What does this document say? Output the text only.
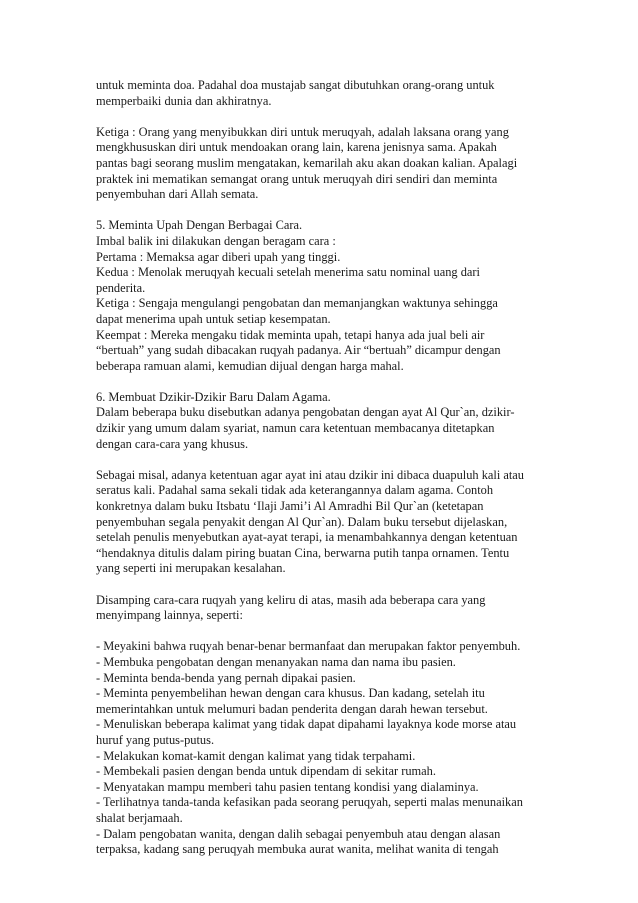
untuk meminta doa. Padahal doa mustajab sangat dibutuhkan orang-orang untuk
memperbaiki dunia dan akhiratnya.

Ketiga : Orang yang menyibukkan diri untuk meruqyah, adalah laksana orang yang
mengkhususkan diri untuk mendoakan orang lain, karena jenisnya sama. Apakah
pantas bagi seorang muslim mengatakan, kemarilah aku akan doakan kalian. Apalagi
praktek ini mematikan semangat orang untuk meruqyah diri sendiri dan meminta
penyembuhan dari Allah semata.

5. Meminta Upah Dengan Berbagai Cara.
Imbal balik ini dilakukan dengan beragam cara :
Pertama : Memaksa agar diberi upah yang tinggi.
Kedua : Menolak meruqyah kecuali setelah menerima satu nominal uang dari
penderita.
Ketiga : Sengaja mengulangi pengobatan dan memanjangkan waktunya sehingga
dapat menerima upah untuk setiap kesempatan.
Keempat : Mereka mengaku tidak meminta upah, tetapi hanya ada jual beli air
“bertuah” yang sudah dibacakan ruqyah padanya. Air “bertuah” dicampur dengan
beberapa ramuan alami, kemudian dijual dengan harga mahal.

6. Membuat Dzikir-Dzikir Baru Dalam Agama.
Dalam beberapa buku disebutkan adanya pengobatan dengan ayat Al Qur`an, dzikir-
dzikir yang umum dalam syariat, namun cara ketentuan membacanya ditetapkan
dengan cara-cara yang khusus.

Sebagai misal, adanya ketentuan agar ayat ini atau dzikir ini dibaca duapuluh kali atau
seratus kali. Padahal sama sekali tidak ada keterangannya dalam agama. Contoh
konkretnya dalam buku Itsbatu ‘Ilaji Jami’i Al Amradhi Bil Qur`an (ketetapan
penyembuhan segala penyakit dengan Al Qur`an). Dalam buku tersebut dijelaskan,
setelah penulis menyebutkan ayat-ayat terapi, ia menambahkannya dengan ketentuan
“hendaknya ditulis dalam piring buatan Cina, berwarna putih tanpa ornamen. Tentu
yang seperti ini merupakan kesalahan.

Disamping cara-cara ruqyah yang keliru di atas, masih ada beberapa cara yang
menyimpang lainnya, seperti:

- Meyakini bahwa ruqyah benar-benar bermanfaat dan merupakan faktor penyembuh.
- Membuka pengobatan dengan menanyakan nama dan nama ibu pasien.
- Meminta benda-benda yang pernah dipakai pasien.
- Meminta penyembelihan hewan dengan cara khusus. Dan kadang, setelah itu
memerintahkan untuk melumuri badan penderita dengan darah hewan tersebut.
- Menuliskan beberapa kalimat yang tidak dapat dipahami layaknya kode morse atau
huruf yang putus-putus.
- Melakukan komat-kamit dengan kalimat yang tidak terpahami.
- Membekali pasien dengan benda untuk dipendam di sekitar rumah.
- Menyatakan mampu memberi tahu pasien tentang kondisi yang dialaminya.
- Terlihatnya tanda-tanda kefasikan pada seorang peruqyah, seperti malas menunaikan
shalat berjamaah.
- Dalam pengobatan wanita, dengan dalih sebagai penyembuh atau dengan alasan
terpaksa, kadang sang peruqyah membuka aurat wanita, melihat wanita di tengah
